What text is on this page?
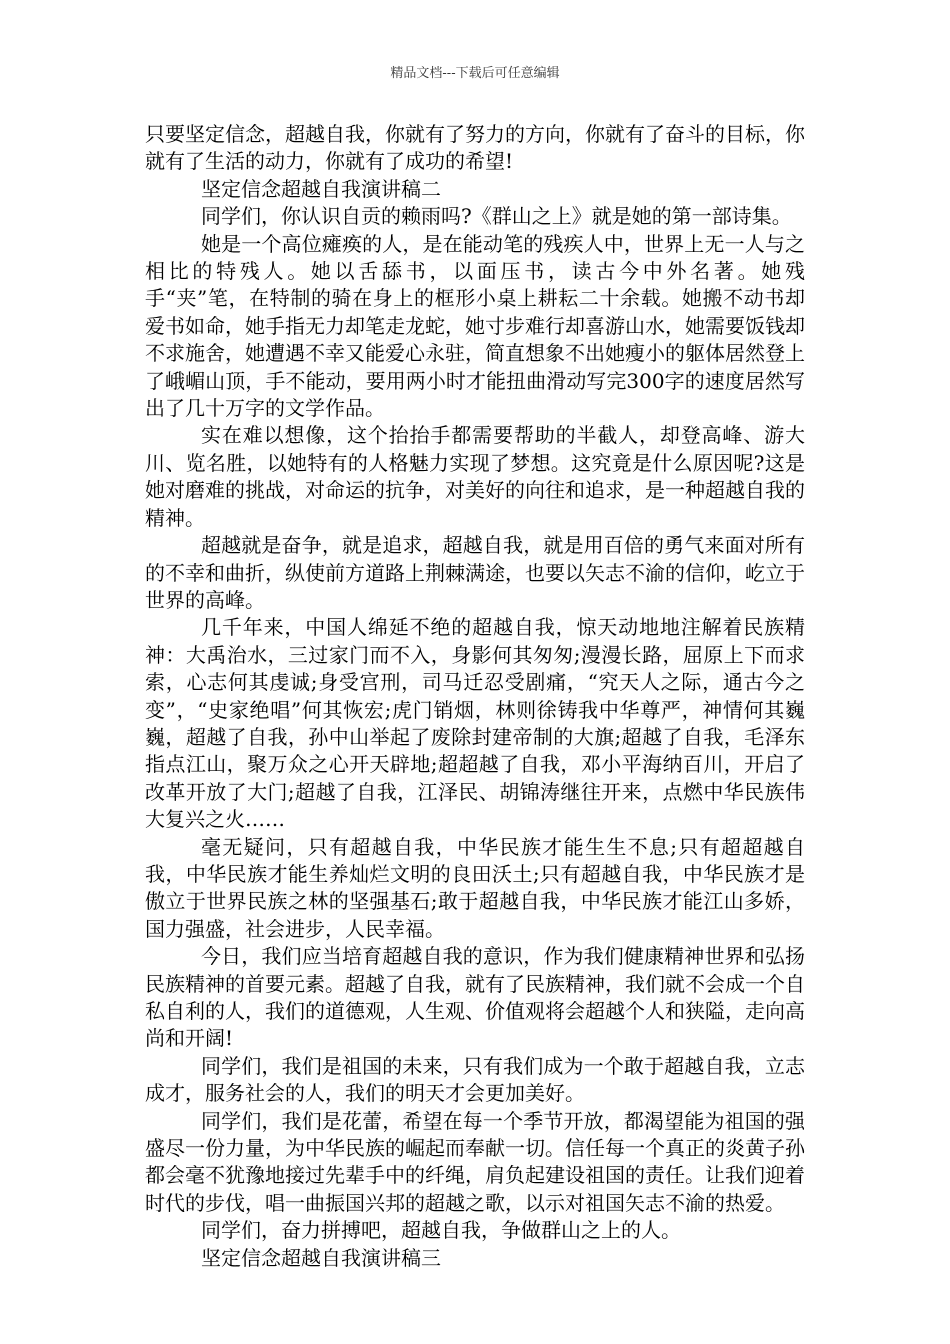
精品文档---下载后可任意编辑

只要坚定信念，超越自我，你就有了努力的方向，你就有了奋斗的目标，你就有了生活的动力，你就有了成功的希望!

坚定信念超越自我演讲稿二

同学们，你认识自贡的赖雨吗?《群山之上》就是她的第一部诗集。

她是一个高位瘫痪的人，是在能动笔的残疾人中，世界上无一人与之相比的特残人。她以舌舔书，以面压书，读古今中外名著。她残手“夹”笔，在特制的骑在身上的框形小桌上耕耘二十余载。她搬不动书却爱书如命，她手指无力却笔走龙蛇，她寸步难行却喜游山水，她需要饭钱却不求施舍，她遭遇不幸又能爱心永驻，简直想象不出她瘦小的躯体居然登上了峨嵋山顶，手不能动，要用两小时才能扭曲滑动写完300字的速度居然写出了几十万字的文学作品。

实在难以想像，这个抬抬手都需要帮助的半截人，却登高峰、游大川、览名胜，以她特有的人格魅力实现了梦想。这究竟是什么原因呢?这是她对磨难的挑战，对命运的抗争，对美好的向往和追求，是一种超越自我的精神。

超越就是奋争，就是追求，超越自我，就是用百倍的勇气来面对所有的不幸和曲折，纵使前方道路上荆棘满途，也要以矢志不渝的信仰，屹立于世界的高峰。

几千年来，中国人绵延不绝的超越自我，惊天动地地注解着民族精神：大禹治水，三过家门而不入，身影何其匆匆;漫漫长路，屈原上下而求索，心志何其虔诚;身受宫刑，司马迁忍受剧痛，“究天人之际，通古今之变”，“史家绝唱”何其恢宏;虎门销烟，林则徐铸我中华尊严，神情何其巍巍，超越了自我，孙中山举起了废除封建帝制的大旗;超越了自我，毛泽东指点江山，聚万众之心开天辟地;超超越了自我，邓小平海纳百川，开启了改革开放了大门;超越了自我，江泽民、胡锦涛继往开来，点燃中华民族伟大复兴之火……

毫无疑问，只有超越自我，中华民族才能生生不息;只有超超越自我，中华民族才能生养灿烂文明的良田沃土;只有超越自我，中华民族才是傲立于世界民族之林的坚强基石;敢于超越自我，中华民族才能江山多娇，国力强盛，社会进步，人民幸福。

今日，我们应当培育超越自我的意识，作为我们健康精神世界和弘扬民族精神的首要元素。超越了自我，就有了民族精神，我们就不会成一个自私自利的人，我们的道德观，人生观、价值观将会超越个人和狭隘，走向高尚和开阔!

同学们，我们是祖国的未来，只有我们成为一个敢于超越自我，立志成才，服务社会的人，我们的明天才会更加美好。

同学们，我们是花蕾，希望在每一个季节开放，都渴望能为祖国的强盛尽一份力量，为中华民族的崛起而奉献一切。信任每一个真正的炎黄子孙都会毫不犹豫地接过先辈手中的纤绳，肩负起建设祖国的责任。让我们迎着时代的步伐，唱一曲振国兴邦的超越之歌，以示对祖国矢志不渝的热爱。

同学们，奋力拼搏吧，超越自我，争做群山之上的人。

坚定信念超越自我演讲稿三
